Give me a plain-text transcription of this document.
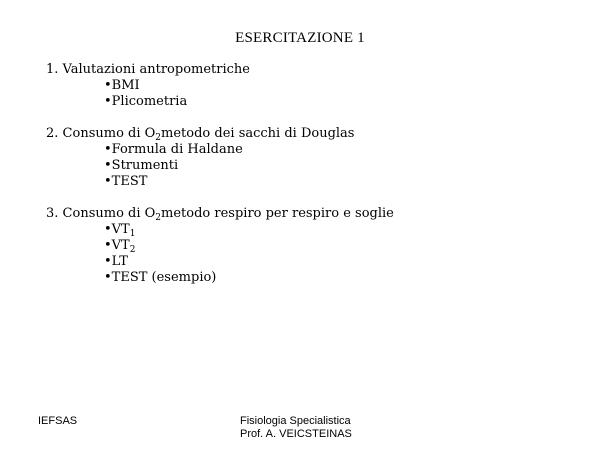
ESERCITAZIONE 1
1. Valutazioni antropometriche
• BMI
• Plicometria
2. Consumo di $O_2metodo$ dei sacchi di Douglas
• Formula di Haldane
• Strumenti
• TEST
3. Consumo di $O_2metodo$ respiro per respiro e soglie
• $VT_1$
• $VT_2$
• LT
• TEST (esempio)
IEFSAS	Fisiologia Specialistica
Prof. A. VEICSTEINAS
